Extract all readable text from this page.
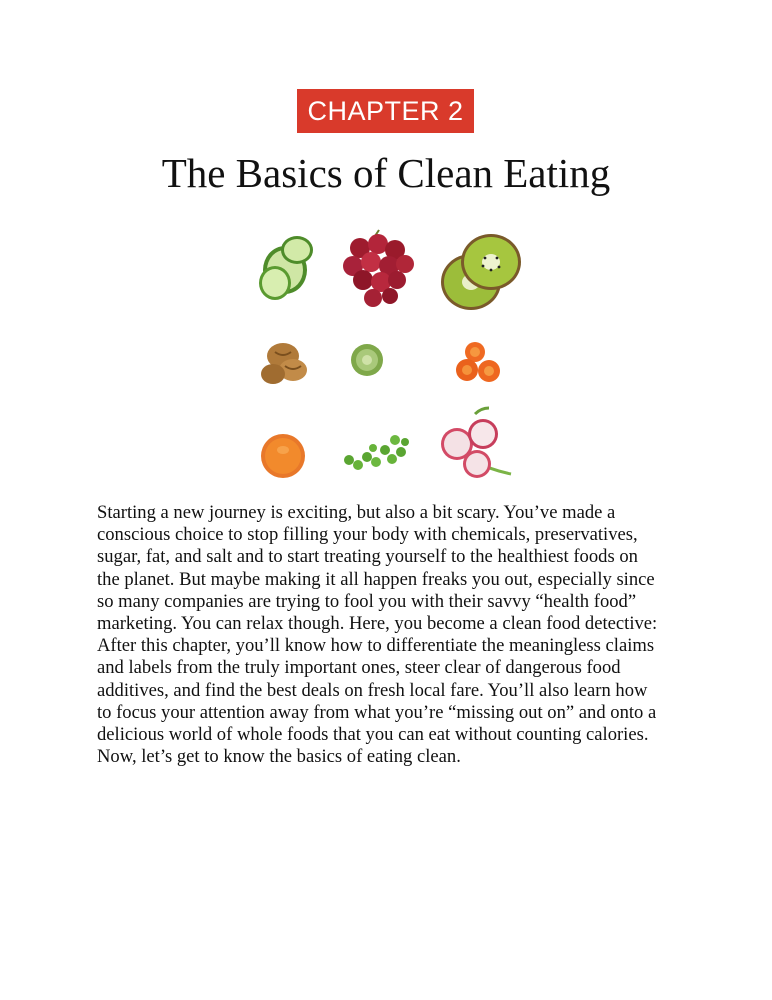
CHAPTER 2
The Basics of Clean Eating

Starting a new journey is exciting, but also a bit scary. You’ve made a
conscious choice to stop filling your body with chemicals, preservatives,
sugar, fat, and salt and to start treating yourself to the healthiest foods on
the planet. But maybe making it all happen freaks you out, especially since
so many companies are trying to fool you with their savvy “health food”
marketing. You can relax though. Here, you become a clean food detective:
After this chapter, you’ll know how to differentiate the meaningless claims
and labels from the truly important ones, steer clear of dangerous food
additives, and find the best deals on fresh local fare. You’ll also learn how
to focus your attention away from what you’re “missing out on” and onto a
delicious world of whole foods that you can eat without counting calories.
Now, let’s get to know the basics of eating clean.
